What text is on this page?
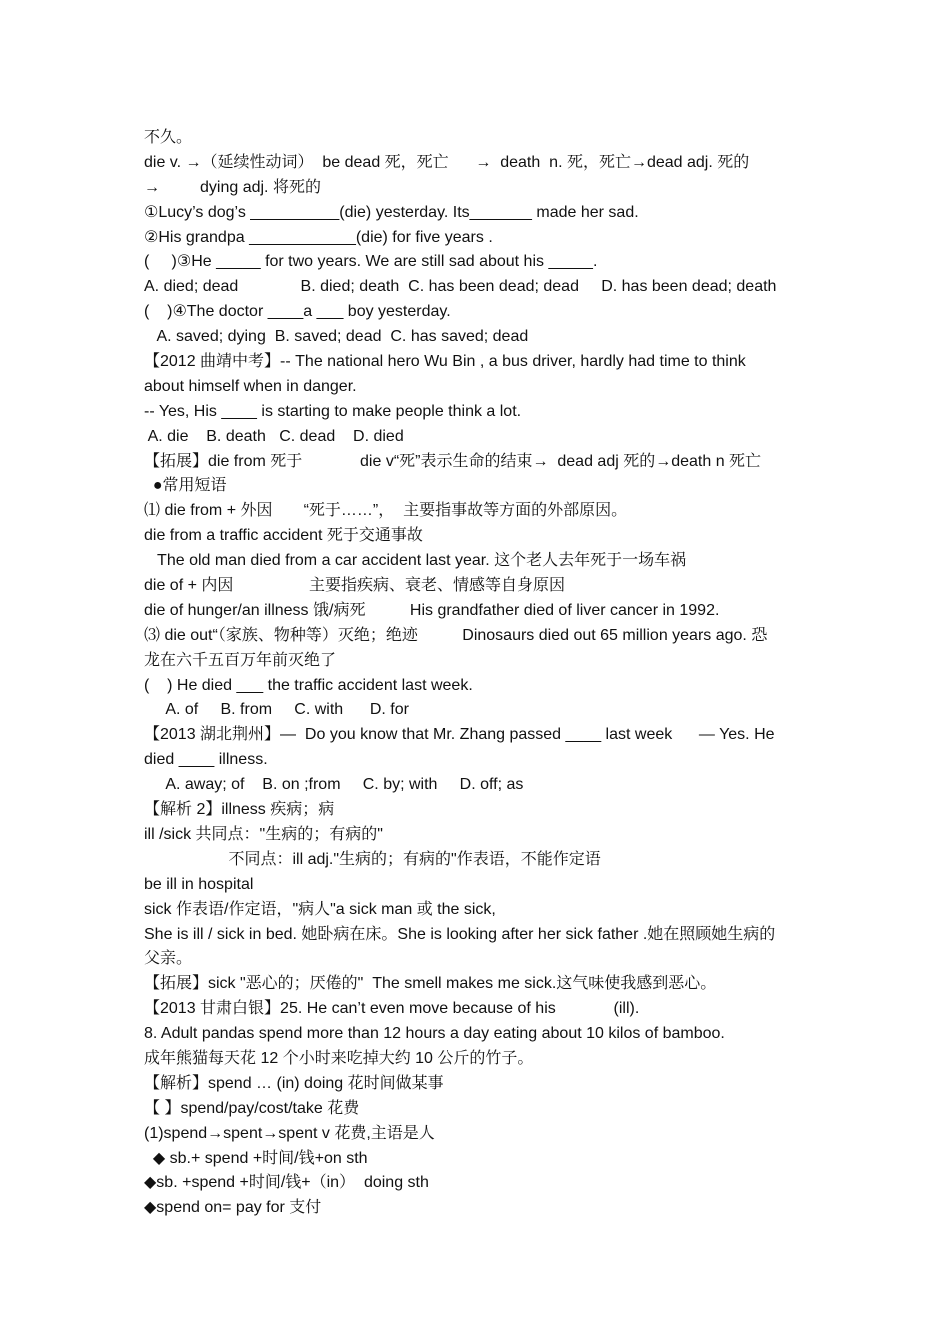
不久。
die v. →（延续性动词）  be dead 死，死亡      →  death  n. 死，死亡→dead adj. 死的
→         dying adj. 将死的
①Lucy’s dog’s __________(die) yesterday. Its_______ made her sad.
②His grandpa ____________(die) for five years .
(     )③He _____ for two years. We are still sad about his _____.
A. died; dead              B. died; death  C. has been dead; dead     D. has been dead; death
(    )④The doctor ____a ___ boy yesterday.
A. saved; dying  B. saved; dead  C. has saved; dead
【2012 曲靖中考】-- The national hero Wu Bin , a bus driver, hardly had time to think
about himself when in danger.
-- Yes, His ____ is starting to make people think a lot.
A. die    B. death   C. dead    D. died
【拓展】die from 死于             die v“死”表示生命的结束→  dead adj 死的→death n 死亡
●常用短语
⑴ die from + 外因       “死于……”，  主要指事故等方面的外部原因。
die from a traffic accident 死于交通事故
The old man died from a car accident last year. 这个老人去年死于一场车祸
die of + 内因                 主要指疾病、衰老、情感等自身原因
die of hunger/an illness 饿/病死          His grandfather died of liver cancer in 1992.
⑶ die out“（家族、物种等）灭绝；绝迹          Dinosaurs died out 65 million years ago. 恐
龙在六千五百万年前灭绝了
(    ) He died ___ the traffic accident last week.
A. of     B. from     C. with      D. for
【2013 湖北荆州】—  Do you know that Mr. Zhang passed ____ last week      — Yes. He
died ____ illness.
A. away; of    B. on ;from     C. by; with     D. off; as
【解析 2】illness 疾病；病
ill /sick 共同点："生病的；有病的"
不同点：ill adj."生病的；有病的"作表语，不能作定语
be ill in hospital
sick 作表语/作定语，"病人"a sick man 或 the sick,
She is ill / sick in bed. 她卧病在床。She is looking after her sick father .她在照顾她生病的
父亲。
【拓展】sick "恶心的；厌倦的"  The smell makes me sick.这气味使我感到恶心。
【2013 甘肃白银】25. He can’t even move because of his             (ill).
8. Adult pandas spend more than 12 hours a day eating about 10 kilos of bamboo.
成年熊猫每天花 12 个小时来吃掉大约 10 公斤的竹子。
【解析】spend … (in) doing 花时间做某事
【 】spend/pay/cost/take 花费
(1)spend→spent→spent v 花费,主语是人
◆ sb.+ spend +时间/钱+on sth
◆sb. +spend +时间/钱+（in）  doing sth
◆spend on= pay for 支付
